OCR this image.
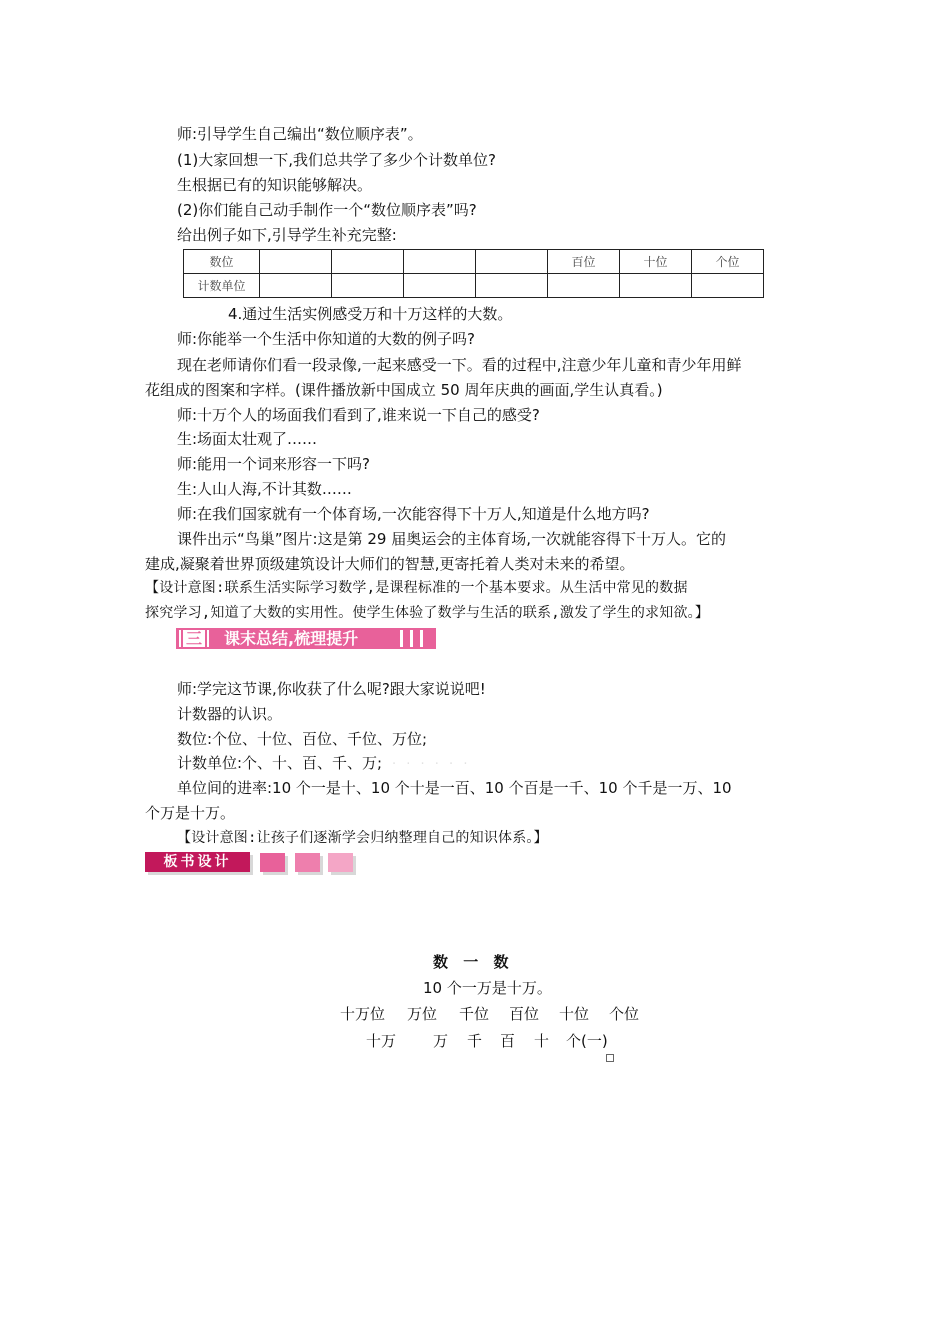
师:引导学生自己编出“数位顺序表”。
(1)大家回想一下,我们总共学了多少个计数单位?
生根据已有的知识能够解决。
(2)你们能自己动手制作一个“数位顺序表”吗?
给出例子如下,引导学生补充完整:
数位					百位	十位	个位
计数单位							
4.通过生活实例感受万和十万这样的大数。
师:你能举一个生活中你知道的大数的例子吗?
现在老师请你们看一段录像,一起来感受一下。看的过程中,注意少年儿童和青少年用鲜
花组成的图案和字样。(课件播放新中国成立 50 周年庆典的画面,学生认真看。)
师:十万个人的场面我们看到了,谁来说一下自己的感受?
生:场面太壮观了……
师:能用一个词来形容一下吗?
生:人山人海,不计其数……
师:在我们国家就有一个体育场,一次能容得下十万人,知道是什么地方吗?
课件出示“鸟巢”图片:这是第 29 届奥运会的主体育场,一次就能容得下十万人。它的
建成,凝聚着世界顶级建筑设计大师们的智慧,更寄托着人类对未来的希望。
【设计意图:联系生活实际学习数学,是课程标准的一个基本要求。从生活中常见的数据
探究学习,知道了大数的实用性。使学生体验了数学与生活的联系,激发了学生的求知欲。】
三	课末总结,梳理提升
师:学完这节课,你收获了什么呢?跟大家说说吧!
计数器的认识。
数位:个位、十位、百位、千位、万位;
计数单位:个、十、百、千、万; · · · · · ·
单位间的进率:10 个一是十、10 个十是一百、10 个百是一千、10 个千是一万、10
个万是十万。
【设计意图:让孩子们逐渐学会归纳整理自己的知识体系。】
板书设计
数 一 数
10 个一万是十万。
十万位 万位 千位 百位 十位 个位
十万 万 千 百 十 个(一)
